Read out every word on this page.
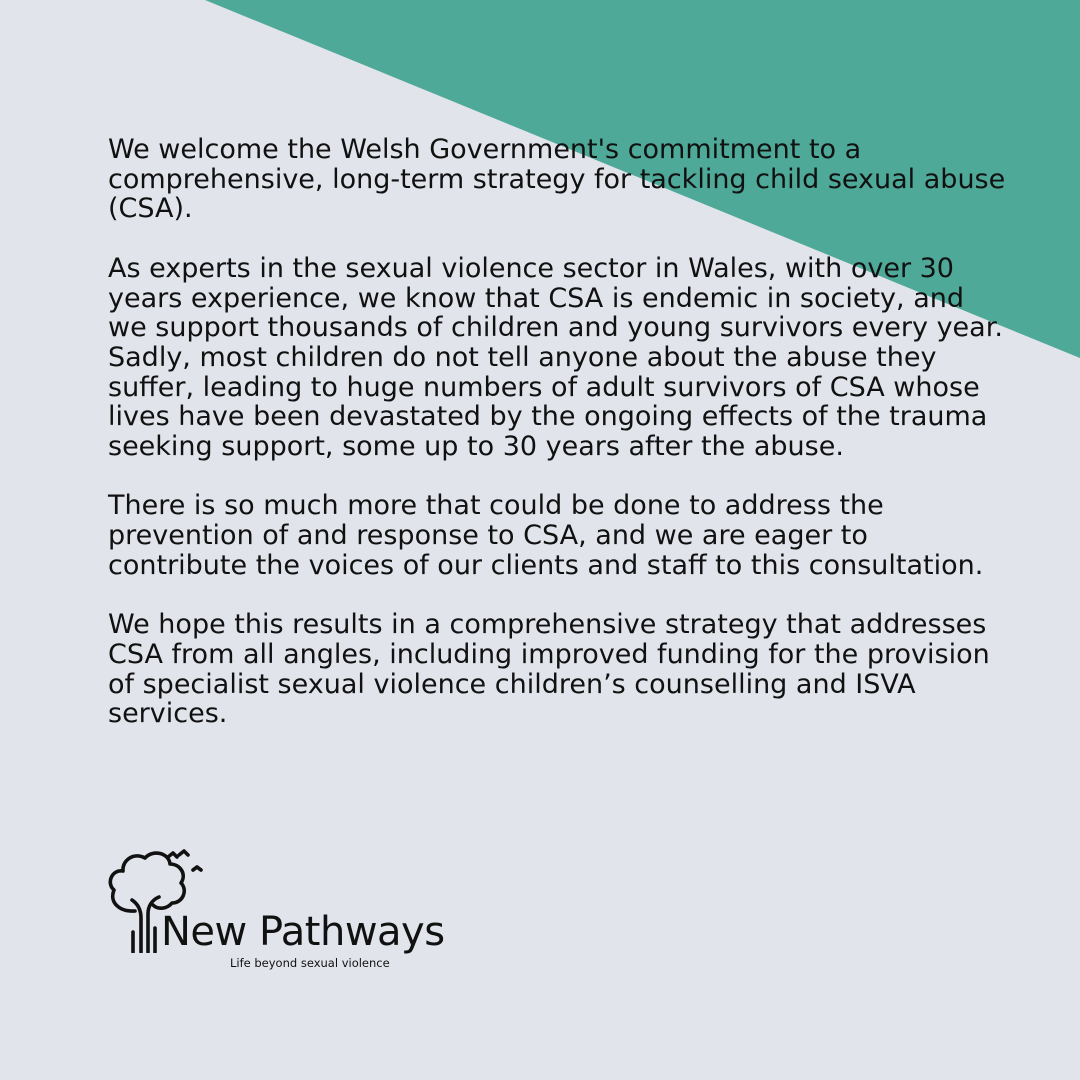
We welcome the Welsh Government's commitment to a comprehensive, long-term strategy for tackling child sexual abuse (CSA).

As experts in the sexual violence sector in Wales, with over 30 years experience, we know that CSA is endemic in society, and we support thousands of children and young survivors every year. Sadly, most children do not tell anyone about the abuse they suffer, leading to huge numbers of adult survivors of CSA whose lives have been devastated by the ongoing effects of the trauma seeking support, some up to 30 years after the abuse.

There is so much more that could be done to address the prevention of and response to CSA, and we are eager to contribute the voices of our clients and staff to this consultation.

We hope this results in a comprehensive strategy that addresses CSA from all angles, including improved funding for the provision of specialist sexual violence children’s counselling and ISVA services.

New Pathways
Life beyond sexual violence
